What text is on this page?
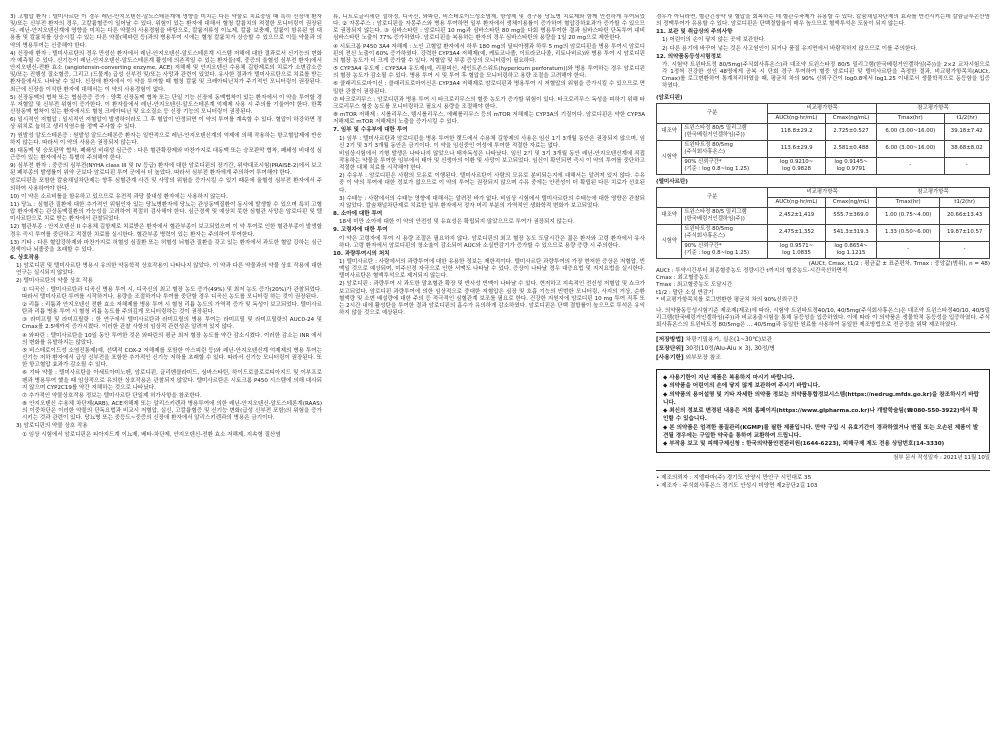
3) 고혈압 환자 : 텔미사르탄 이 경우 레닌-안지오텐신-알도스테론계에 영향을 미치는 다른 약물로 치료중임 때 특히 신장애 환자 및/또는 신부전 환자의 경우, 고칼륨혈증이 일어날 수 있다. 위험이 있는 환자에 대해서 혈청 칼륨치의 적절한 모니터링이 권장된다. 레닌-안지오텐신계에 영향을 미치는 다른 약물의 사용경험을 바탕으로, 칼륨저류성 이뇨제, 칼륨 보충제, 칼륨이 함유된 염 대용품 및 칼륨치를 상승시킬 수 있는 다른 약물(헤파린 등)과의 병용투여 시에는 혈청 칼륨치가 상승할 수 있으므로 이들 약물과 의 약의 병용투여는 신중해야 한다.
4) 신장애 환자 : 텔미사르탄의 경우 만성신 환자에서 레닌-안지오텐신-알도스테론계 시스템 저해에 대한 결과로서 신기능의 변화가 예측될 수 있다. 신기능이 레닌-안지오텐신-알도스테론계 활성에 의존적일 수 있는 환자들(예, 중증의 울혈성 심부전 환자)에서 안지오텐신-전환 효소 (angiotensin-converting enzyme, ACE) 저해제 및 안지오텐신 수용체 길항제로의 치료가 소변감소증 및/또는 진행성 질소혈증, 그리고 (드물게) 급성 신부전 및/또는 사망과 관련이 있었다. 유사한 결과가 텔미사르탄으로 치료를 받는 환자들에서도 나타날 수 있다. 신장애 환자에서 이 약을 투여할 때 혈청 칼륨 및 크레아티닌치가 주기적인 모니터링이 권장된다. 최근에 신장을 이식한 환자에 대해서는 이 약의 사용경험이 없다.
5) 신장동맥의 협착 또는 협심증증 증가 : 양쪽 신장동맥 협착 또는 단일 기능 신장에 동맥협착이 있는 환자에서 이 약을 투여할 경우 저혈압 및 신부전 위험이 증가한다. 이 환자들에서 레닌-안지오텐신-알도스테론계 억제제 사용 시 주의를 기울여야 한다. 한쪽 신장동맥 협착이 있는 환자에서도 혈청 크레아티닌 및 요소질소 등 신장 기능의 모니터링이 권장된다.
6) 일시적인 저혈압 : 일시적인 저혈압이 발생하더라도 그 후 혈압이 안정되면 이 약의 투여를 계속할 수 있다. 혈압이 하강하면 정상 위치로 눕히고 생리식염수를 정맥 주사할 수 있다.
7) 원발성 알도스테론증 : 원발성 알도스테론증 환자는 일반적으로 레닌-안지오텐신계의 억제에 의해 작용하는 항고혈압제에 반응하지 않는다. 따라서 이 약의 사용은 권장되지 않는다.
8) 대동맥 및 승모판막 협착, 폐쇄성 비대성 심근증 : 다른 혈관확장제와 마찬가지로 대동맥 또는 승모판막 협착, 폐쇄성 비대성 심근증이 있는 환자에서는 특별히 주의해야 한다.
9) 심부전 환자 : 중증의 심부전(NYHA class III 및 IV 등급) 환자에 대한 암로디핀의 장기간, 위약대조시험(PRAISE-2)에서 보고된 폐부종의 발생률이 위약 군보다 암로디핀 투여 군에서 더 높았다. 따라서 심부전 환자에게 주의하여 투여해야 한다.
암로디핀을 포함한 칼슘채널차단제는 향후 심혈관계 사건 및 사망의 위험을 증가시킬 수 있기 때문에 울혈성 심부전 환자에서 주의하여 사용하여야 한다.
10) 이 약은 소르비톨을 함유하고 있으므로 유전적 과당 불내성 환자에는 사용하지 않는다.
11) 당뇨 : 심혈관 질환에 대한 추가적인 위험인자 있는 당뇨병환자에 당뇨는 관상동맥질환이 동시에 발생할 수 있으며 특히 고혈압 환자에게는 관상동맥질환의 가능성을 고려하여 적절히 검사해야 한다. 심근경색 및 예상치 못한 심혈관 사망은 암로디핀 및 텔미사르탄으로 치료 받는 환자에서 관찰되었다.
12) 혈관부종 : 안지오텐신 II 수용체 길항제로 치료받은 환자에서 혈관부종이 보고되었으며 이 약 투여로 인한 혈관부종이 발생할 경우 즉시 투여를 중단하고 적절한 치료를 실시한다. 혈관부종 병력이 있는 환자는 주의하여 투여한다.
13) 기타 : 다른 혈압강하제와 마찬가지로 허혈성 심질환 또는 허혈성 뇌혈관 질환을 갖고 있는 환자에서 과도한 혈압 강하는 심근경색이나 뇌졸중을 초래할 수 있다.
6. 상호작용
1) 암로디핀 및 텔미사르탄 병용시 유의한 약동학적 상호작용이 나타나지 않았다. 이 약과 다른 약물과의 약물 상호 작용에 대한 연구는 실시되지 않았다.
2) 텔미사르탄의 약물 상호 작용
① 디곡신 : 텔미사르탄과 디곡신 병용 투여 시, 디곡신의 최고 혈장 농도 증가(49%) 및 최저 농도 증가(20%)가 관찰되었다. 따라서 텔미사르탄 투여를 시작하거나, 용량을 조절하거나 투여를 중단할 경우 디곡신 농도를 모니터링 하는 것이 권장된다.
② 리튬 : 리튬과 안지오텐신 전환 효소 저해제를 병용 투여 시 혈청 리튬 농도의 가역적 증가 및 독성이 보고되었다. 텔미사르탄과 리튬 병용 투여 시 혈청 리튬 농도를 주의깊게 모니터링하는 것이 권장된다.
③ 라미프릴 및 라미프릴랏 : 한 연구에서 텔미사르탄과 라미프릴의 병용 투여는 라미프릴 및 라미프릴랏의 AUC0-24 및 Cmax를 2.5배까지 증가시켰다. 이러한 관찰 사항의 임상적 관련성은 알려져 있지 않다.
④ 와파린 : 텔미사르탄을 10일 동안 투여한 것은 와파린의 평균 최저 혈장 농도를 약간 감소시켰다. 이러한 감소는 INR 에서의 변화를 유발하지는 않았다.
⑤ 비스테로이드성 소염진통제(예, 선택적 COX-2 저해제를 포함한 아스피린 등)와 레닌-안지오텐신계 억제제의 병용 투여는 신기능 저하 환자에서 급성 신부전을 포함한 추가적인 신기능 저하를 초래할 수 있다. 따라서 신기능 모니터링이 권장된다. 또한 항고혈압 효과가 감소될 수 있다.
⑥ 기타 약물 : 텔미사르탄을 아세트아미노펜, 암로디핀, 글리벤클라미드, 심바스타틴, 하이드로클로로티아지드 및 이부프로펜과 병용투여 했을 때 임상적으로 유의한 상호작용은 관찰되지 않았다. 텔미사르탄은 시토크롬 P450 시스템에 의해 대사되지 않으며 CYP2C19를 약간 저해하는 것으로 나타났다.
⑦ 추가적인 약물상호작용 정보는 텔미사르탄 단일제 허가사항을 참조한다.
⑧ 안지오텐신 수용체 차단제(ARB), ACE저해제 또는 알리스키렌과 병용투여에 의한 레닌-안지오텐신-알도스테론계(RAAS)의 이중차단은 이러한 약물의 단독요법과 비교시 저혈압, 실신, 고칼륨혈증 및 신기능 변화(급성 신부전 포함)의 위험을 증가시키는 것과 관련이 있다. 당뇨병 또는 중등도~중증의 신장애 환자에서 알리스키렌과의 병용은 금기이다.
3) 암로디핀의 약물 상호 작용
① 임상 시험에서 암로디핀은 티아지드계 이뇨제, 베타-차단제, 안지오텐신-전환 효소 저해제, 지속형 질산염
류, 니트로글리세린 설하정, 디곡신, 와파린, 비스테로이드성소염제, 항생제 및 경구용 당뇨병 치료제와 함께 안전하게 투여되었다. ② 자몽주스 : 암로디핀을 자몽주스와 병용 투여하면 일부 환자에서 생체이용률이 증가하여 혈압강하효과가 증가할 수 있으므로 권장되지 않는다. ③ 심바스타틴 : 암로디핀 10 mg과 심바스타틴 80 mg을 다회 병용투여한 결과 심바스타틴 단독투여 대비 심바스타틴 노출이 77% 증가하였다. 암로디핀을 복용하는 환자의 경우 심바스타틴의 용량을 1일 20 mg으로 제한한다.
④ 시토크롬 P450 3A4 저해제 : 노인 고혈압 환자에서 하루 180 mg의 딜티아젬과 하루 5 mg의 암로디핀을 병용 투여시 암로디핀의 전신 노출이 60% 증가하였다. 강력한 CYP3A4 저해제(예, 케토코나졸, 이트라코나졸, 리토나비르)와 병용 투여 시 암로디핀의 혈장 농도가 더 크게 증가할 수 있다. 저혈압 및 부종 증상의 모니터링이 필요하다.
⑤ CYP3A4 유도제 : CYP3A4 유도제(예, 리팜피신, 세인트존스워트(hypericum perforatum))와 병용 투여하는 경우 암로디핀의 혈장 농도가 감소될 수 있다. 병용 투여 시 및 투여 후 혈압을 모니터링하고 용량 조절을 고려해야 한다.
⑥ 클래리트로마이신 : 클래리트로마이신은 CYP3A4 저해제로 암로디핀과 병용투여 시 저혈압의 위험을 증가시킬 수 있으므로 면밀한 관찰이 권장된다.
⑦ 타크로리무스 : 암로디핀과 병용 투여 시 타크로리무스의 혈중 농도가 증가할 위험이 있다. 타크로리무스 독성을 피하기 위해 타크로리무스 혈중 농도를 모니터링하고 필요시 용량을 조절해야 한다.
⑧ mTOR 저해제 : 시롤리무스, 템시롤리무스, 에베롤리무스 등의 mTOR 저해제는 CYP3A의 기질이다. 암로디핀은 약한 CYP3A 저해제로 mTOR 저해제의 노출을 증가시킬 수 있다.
7. 임부 및 수유부에 대한 투여
1) 임부 : 텔미사르탄과 암로디핀을 병용 투여한 랫드에서 수용체 길항제의 사용은 임신 1기 3개월 동안은 권장되지 않으며, 임신 2기 및 3기 3개월 동안은 금기이다. 이 약을 임신중인 여성에 투여한 적절한 자료는 없다.
비임상시험에서 기형 발생은 나타나지 않았으나 태자독성은 나타났다. 임신 2기 및 3기 3개월 동안 레닌-안지오텐신계에 직접 작용하는 약물을 투여한 임부에서 태아 및 신생아의 이환 및 사망이 보고되었다. 임신이 확인되면 즉시 이 약의 투여를 중단하고 적절한 대체 치료를 시작해야 한다.
2) 수유부 : 암로디핀은 사람의 모유로 이행된다. 텔미사르탄이 사람의 모유로 분비되는지에 대해서는 알려져 있지 않다. 수유 중 이 약의 투여에 대한 정보가 없으므로 이 약의 투여는 권장되지 않으며 수유 중에는 안전성이 더 확립된 다른 치료가 선호된다.
3) 수태능 : 사람에서의 수태능 영향에 대해서는 알려진 바가 없다. 비임상 시험에서 텔미사르탄의 수태능에 대한 영향은 관찰되지 않았다. 칼슘채널차단제로 치료한 일부 환자에서 정자 머리 부분의 가역적인 생화학적 변화가 보고되었다.
8. 소아에 대한 투여
18세 미만 소아에 대한 이 약의 안전성 및 유효성은 확립되지 않았으므로 투여가 권장되지 않는다.
9. 고령자에 대한 투여
이 약은 고령자에 투여 시 용량 조절은 필요하지 않다. 암로디핀의 최고 혈장 농도 도달시간은 젊은 환자와 고령 환자에서 유사하다. 고령 환자에서 암로디핀의 청소율이 감소되어 AUC와 소실반감기가 증가할 수 있으므로 용량 증량 시 주의한다.
10. 과량투여시의 처치
1) 텔미사르탄 : 사람에서의 과량투여에 대한 유용한 정보는 제한적이다. 텔미사르탄 과량투여의 가장 현저한 증상은 저혈압, 빈맥일 것으로 예상되며, 미주신경 자극으로 인한 서맥도 나타날 수 있다. 증상이 나타날 경우 대증요법 및 지지요법을 실시한다. 텔미사르탄은 혈액투석으로 제거되지 않는다.
2) 암로디핀 : 과량투여 시 과도한 말초혈관 확장 및 반사성 빈맥이 나타날 수 있다. 현저하고 지속적인 전신성 저혈압 및 쇼크가 보고되었다. 암로디핀 과량투여에 의한 임상적으로 중대한 저혈압은 심장 및 호흡 기능의 빈번한 모니터링, 사지의 거상, 순환 혈액량 및 소변 배설량에 대한 주의 등 적극적인 심혈관계 보조를 필요로 한다. 건강한 지원자에 암로디핀 10 mg 투여 직후 또는 2시간 내에 활성탄을 투여한 결과 암로디핀의 흡수가 유의하게 감소하였다. 암로디핀은 단백 결합률이 높으므로 투석은 유익하지 않을 것으로 예상된다.
경우가 아니라면, 혈관긴장약 및 혈압을 회복하는 데 혈관수축제가 유용할 수 있다. 칼슘채널차단제의 효과를 반전시키는데 칼슘글루콘산염의 정맥투여가 유용할 수 있다. 암로디핀은 단백결합율이 매우 높으므로 혈액투석은 도움이 되지 않는다.
11. 보관 및 취급상의 주의사항
1) 어린이의 손이 닿지 않는 곳에 보관한다.
2) 다른 용기에 바꾸어 넣는 것은 사고원인이 되거나 품질 유지면에서 바람직하지 않으므로 이를 주의한다.
12. 의약품동등성시험정보
가. 시험약 트윈타트정 80/5mg(주식회사휴온스)과 대조약 트윈스타정 80/5 밀리그램(한국베링거인겔하임(주))을 2×2 교차시험으로 각 1정씩 건강한 성인 48명에게 공복 시 단회 경구 투여하여 혈중 암로디핀 및 텔미사르탄을 측정한 결과, 비교평가항목치(AUCt, Cmax)를 로그변환하여 통계처리하였을 때, 평균치 차의 90% 신뢰구간이 log0.8에서 log1.25 이내로서 생물학적으로 동등함을 입증하였다.
(암로디핀)
구분		비교평가항목		참고평가항목	
		AUCt(ng·hr/mL)	Cmax(ng/mL)	Tmax(hr)	t1/2(hr)
대조약	트윈스타정 80/5 밀리그램
(한국베링거인겔하임(주))	118.8±29.2	2.725±0.527	6.00 (3.00~16.00)	39.18±7.42
시험약	트윈타트정 80/5mg
(주식회사휴온스)	113.6±29.9	2.581±0.488	6.00 (3.00~16.00)	38.68±8.02
	90% 신뢰구간*
(기준 : log 0.8~log 1.25)	log 0.9210~
log 0.9828	log 0.9145~
log 0.9791	-	-
(텔미사르탄)
구분		비교평가항목		참고평가항목	
		AUCt(ng·hr/mL)	Cmax(ng/mL)	Tmax(hr)	t1/2(hr)
대조약	트윈스타정 80/5 밀리그램
(한국베링거인겔하임(주))	2,452±1,419	555.7±369.0	1.00 (0.75~4.00)	20.66±13.43
시험약	트윈타트정 80/5mg
(주식회사휴온스)	2,475±1,352	541.3±319.3	1.33 (0.50~6.00)	19.87±10.57
	90% 신뢰구간*
(기준 : log 0.8~log 1.25)	log 0.9571~
log 1.0835	log 0.8654~
log 1.1215	-	-
(AUCt, Cmax, t1/2 : 평균값 ± 표준편차, Tmax : 중앙값(범위), n = 48)
AUCt : 투약시간부터 최종혈중농도 정량시간 t까지의 혈중농도-시간곡선하면적
Cmax : 최고혈중농도
Tmax : 최고혈중농도 도달시간
t1/2 : 말단 소실 반감기
* 비교평가항목치를 로그변환한 평균치 차의 90%신뢰구간
나. 의약품동등성시험기준 제조제(제조)에 따라, 시험약 트윈타트정40/10, 40/5mg(주식회사휴온스)은 대조약 트윈스타정40/10, 40/5밀리그램(한국베링거인겔하임(주))과 비교용출시험을 통해 동등성을 입증하였다. 이에 따라 이 의약품은 생물학적 동등성을 입증하였다. 주식회사휴온스의 트윈타트정 80/5mg은 ... 40/5mg과 동일한 원료를 사용하여 동일한 제조방법으로 전공정을 위탁 제조하였다.
[저장방법] 차광기밀용기, 실온(1~30℃)보관
[포장단위] 30정(10정/Alu-Alu × 3), 30정/병
[사용기한] 외부포장 참조
◆ 사용기한이 지난 제품은 복용하지 마시기 바랍니다.
◆ 의약품을 어린이의 손에 닿지 않게 보관하여 주시기 바랍니다.
◆ 의약품의 용어설명 및 기타 자세한 의약품 정보는 의약품통합정보시스템(https://nedrug.mfds.go.kr)을 참조하시기 바랍니다.
◆ 최신의 정보로 변경된 내용은 저희 홈페이지(https://www.glpharma.co.kr)나 개발학술팀(☎080-550-3922)에서 확인할 수 있습니다.
◆ 본 의약품은 엄격한 품질관리(KGMP)를 필한 제품입니다. 만약 구입 시 유효기간이 경과하였거나 변질 또는 오손된 제품이 발견될 경우에는 구입한 약국을 통하여 교환하여 드립니다.
◆ 부작용 보고 및 피해구제신청 : 한국의약품안전관리원(1644-6223), 피해구제 제도 전용 상담번호(14-3330)
첨부 문서 작성일자 : 2021년 11월 10일
• 제조의뢰자 : 지엘파마(주) 경기도 안양시 만안구 시민대로 35
• 제조자 : 주식회사휴온스 경기도 안성시 미양면 제2공단2길 103
